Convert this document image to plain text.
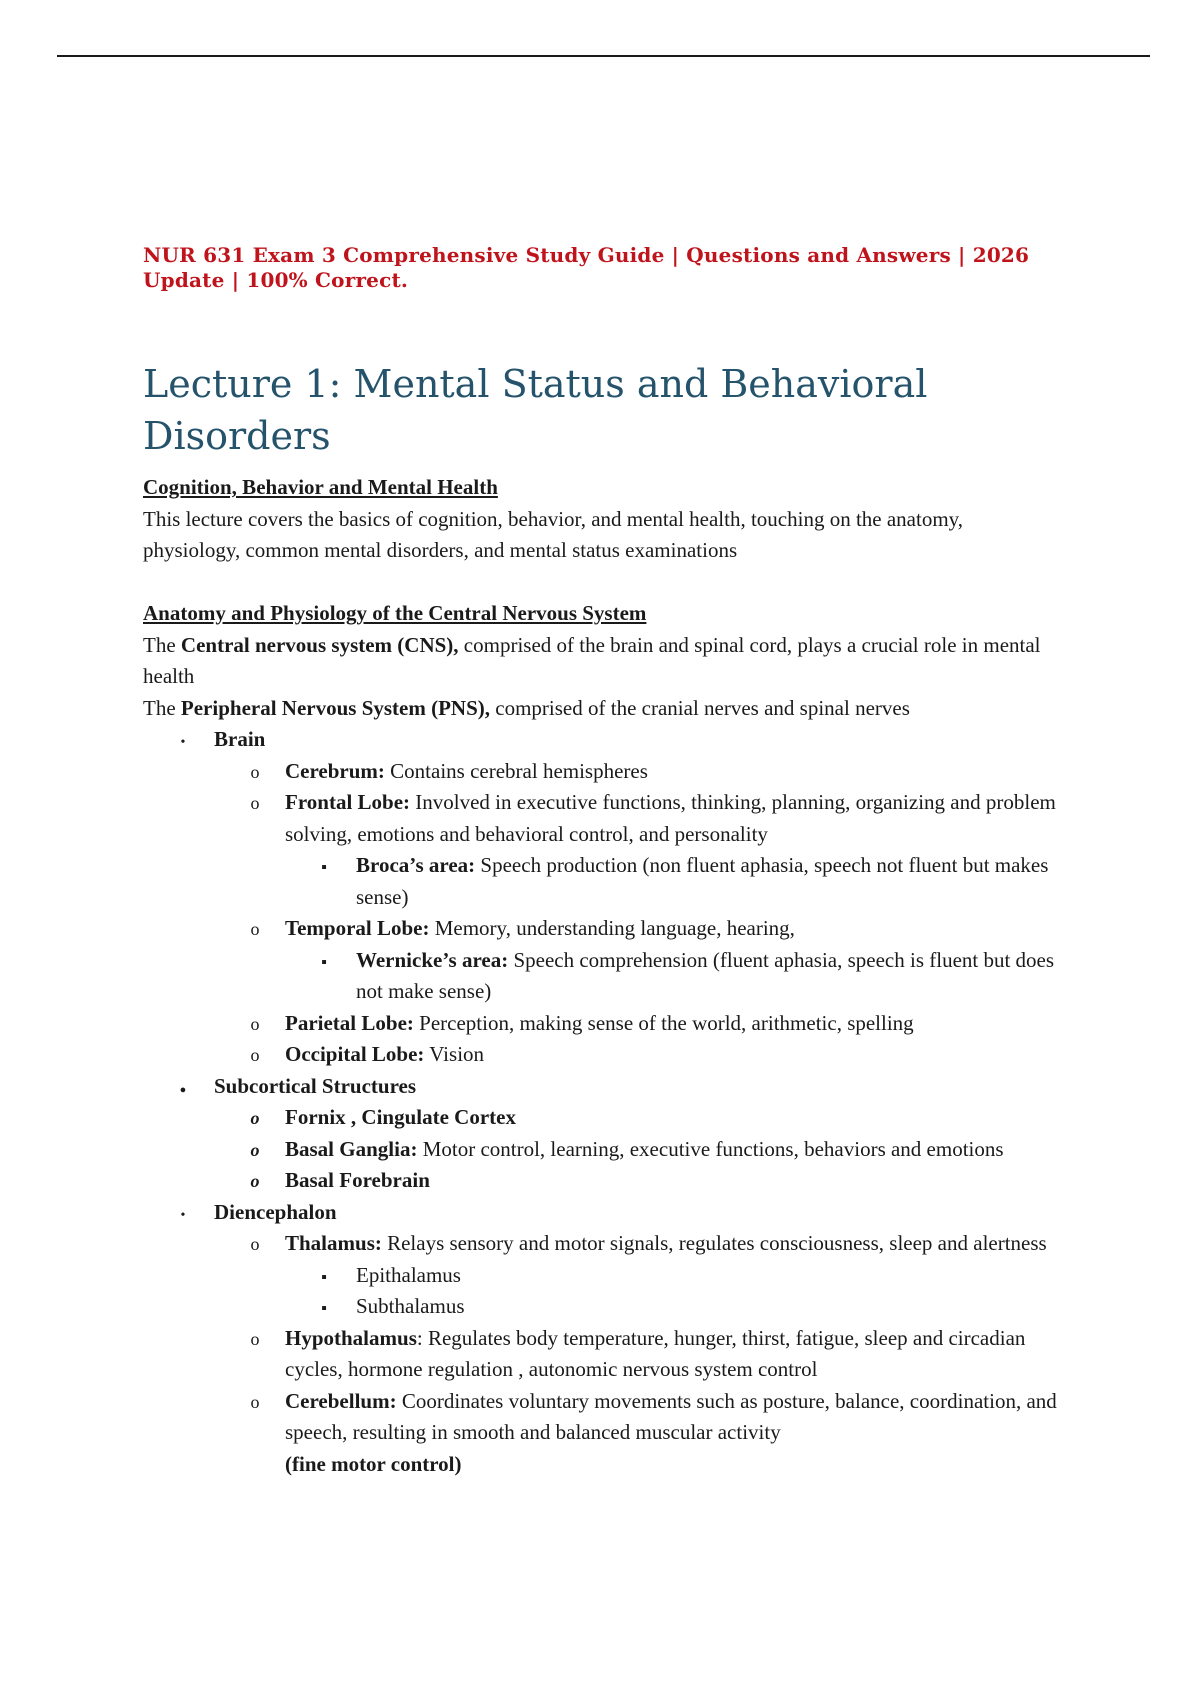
NUR 631 Exam 3 Comprehensive Study Guide | Questions and Answers | 2026 Update | 100% Correct.
Lecture 1: Mental Status and Behavioral Disorders

Cognition, Behavior and Mental Health

This lecture covers the basics of cognition, behavior, and mental health, touching on the anatomy, physiology, common mental disorders, and mental status examinations

Anatomy and Physiology of the Central Nervous System

The Central nervous system (CNS), comprised of the brain and spinal cord, plays a crucial role in mental health

The Peripheral Nervous System (PNS), comprised of the cranial nerves and spinal nerves

•
Brain
o
Cerebrum: Contains cerebral hemispheres
o
Frontal Lobe: Involved in executive functions, thinking, planning, organizing and problem solving, emotions and behavioral control, and personality
▪
Broca’s area: Speech production (non fluent aphasia, speech not fluent but makes sense)
o
Temporal Lobe: Memory, understanding language, hearing,
▪
Wernicke’s area: Speech comprehension (fluent aphasia, speech is fluent but does not make sense)
o
Parietal Lobe: Perception, making sense of the world, arithmetic, spelling
o
Occipital Lobe: Vision
●
Subcortical Structures
o
Fornix , Cingulate Cortex
o
Basal Ganglia: Motor control, learning, executive functions, behaviors and emotions
o
Basal Forebrain
•
Diencephalon
o
Thalamus: Relays sensory and motor signals, regulates consciousness, sleep and alertness
▪
Epithalamus
▪
Subthalamus
o
Hypothalamus: Regulates body temperature, hunger, thirst, fatigue, sleep and circadian cycles, hormone regulation , autonomic nervous system control
o
Cerebellum: Coordinates voluntary movements such as posture, balance, coordination, and speech, resulting in smooth and balanced muscular activity
(fine motor control)
